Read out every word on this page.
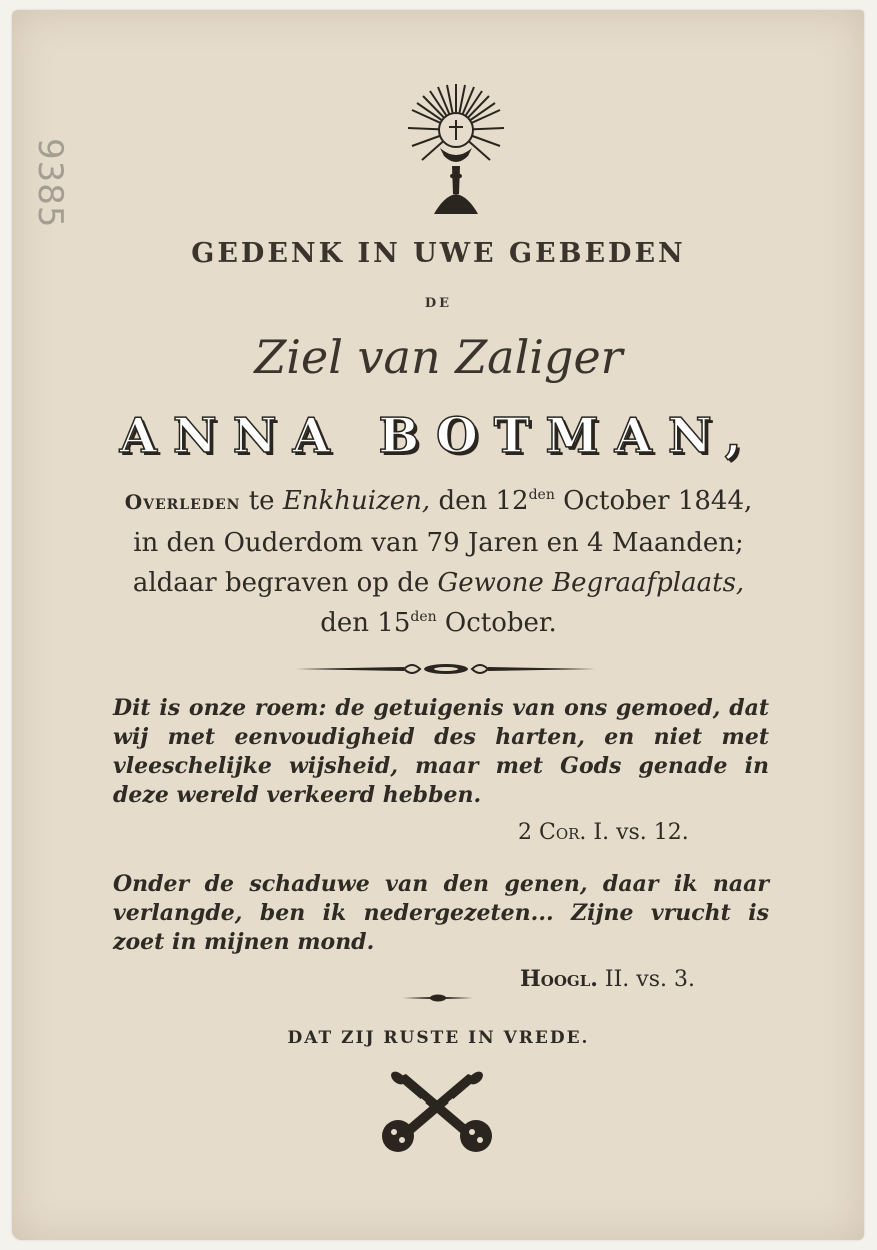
9385
GEDENK IN UWE GEBEDEN
DE
Ziel van Zaliger
ANNA BOTMAN,
Overleden te Enkhuizen, den $12^{den}$ October 1844,
in den Ouderdom van 79 Jaren en 4 Maanden;
aldaar begraven op de Gewone Begraafplaats,
den $15^{den}$ October.
Dit is onze roem: de getuigenis van ons gemoed, dat wij met eenvoudigheid des harten, en niet met vleeschelijke wijsheid, maar met Gods genade in deze wereld verkeerd hebben.
2 Cor. I. vs. 12.
Onder de schaduwe van den genen, daar ik naar verlangde, ben ik nedergezeten... Zijne vrucht is zoet in mijnen mond.
Hoogl. II. vs. 3.
DAT ZIJ RUSTE IN VREDE.
